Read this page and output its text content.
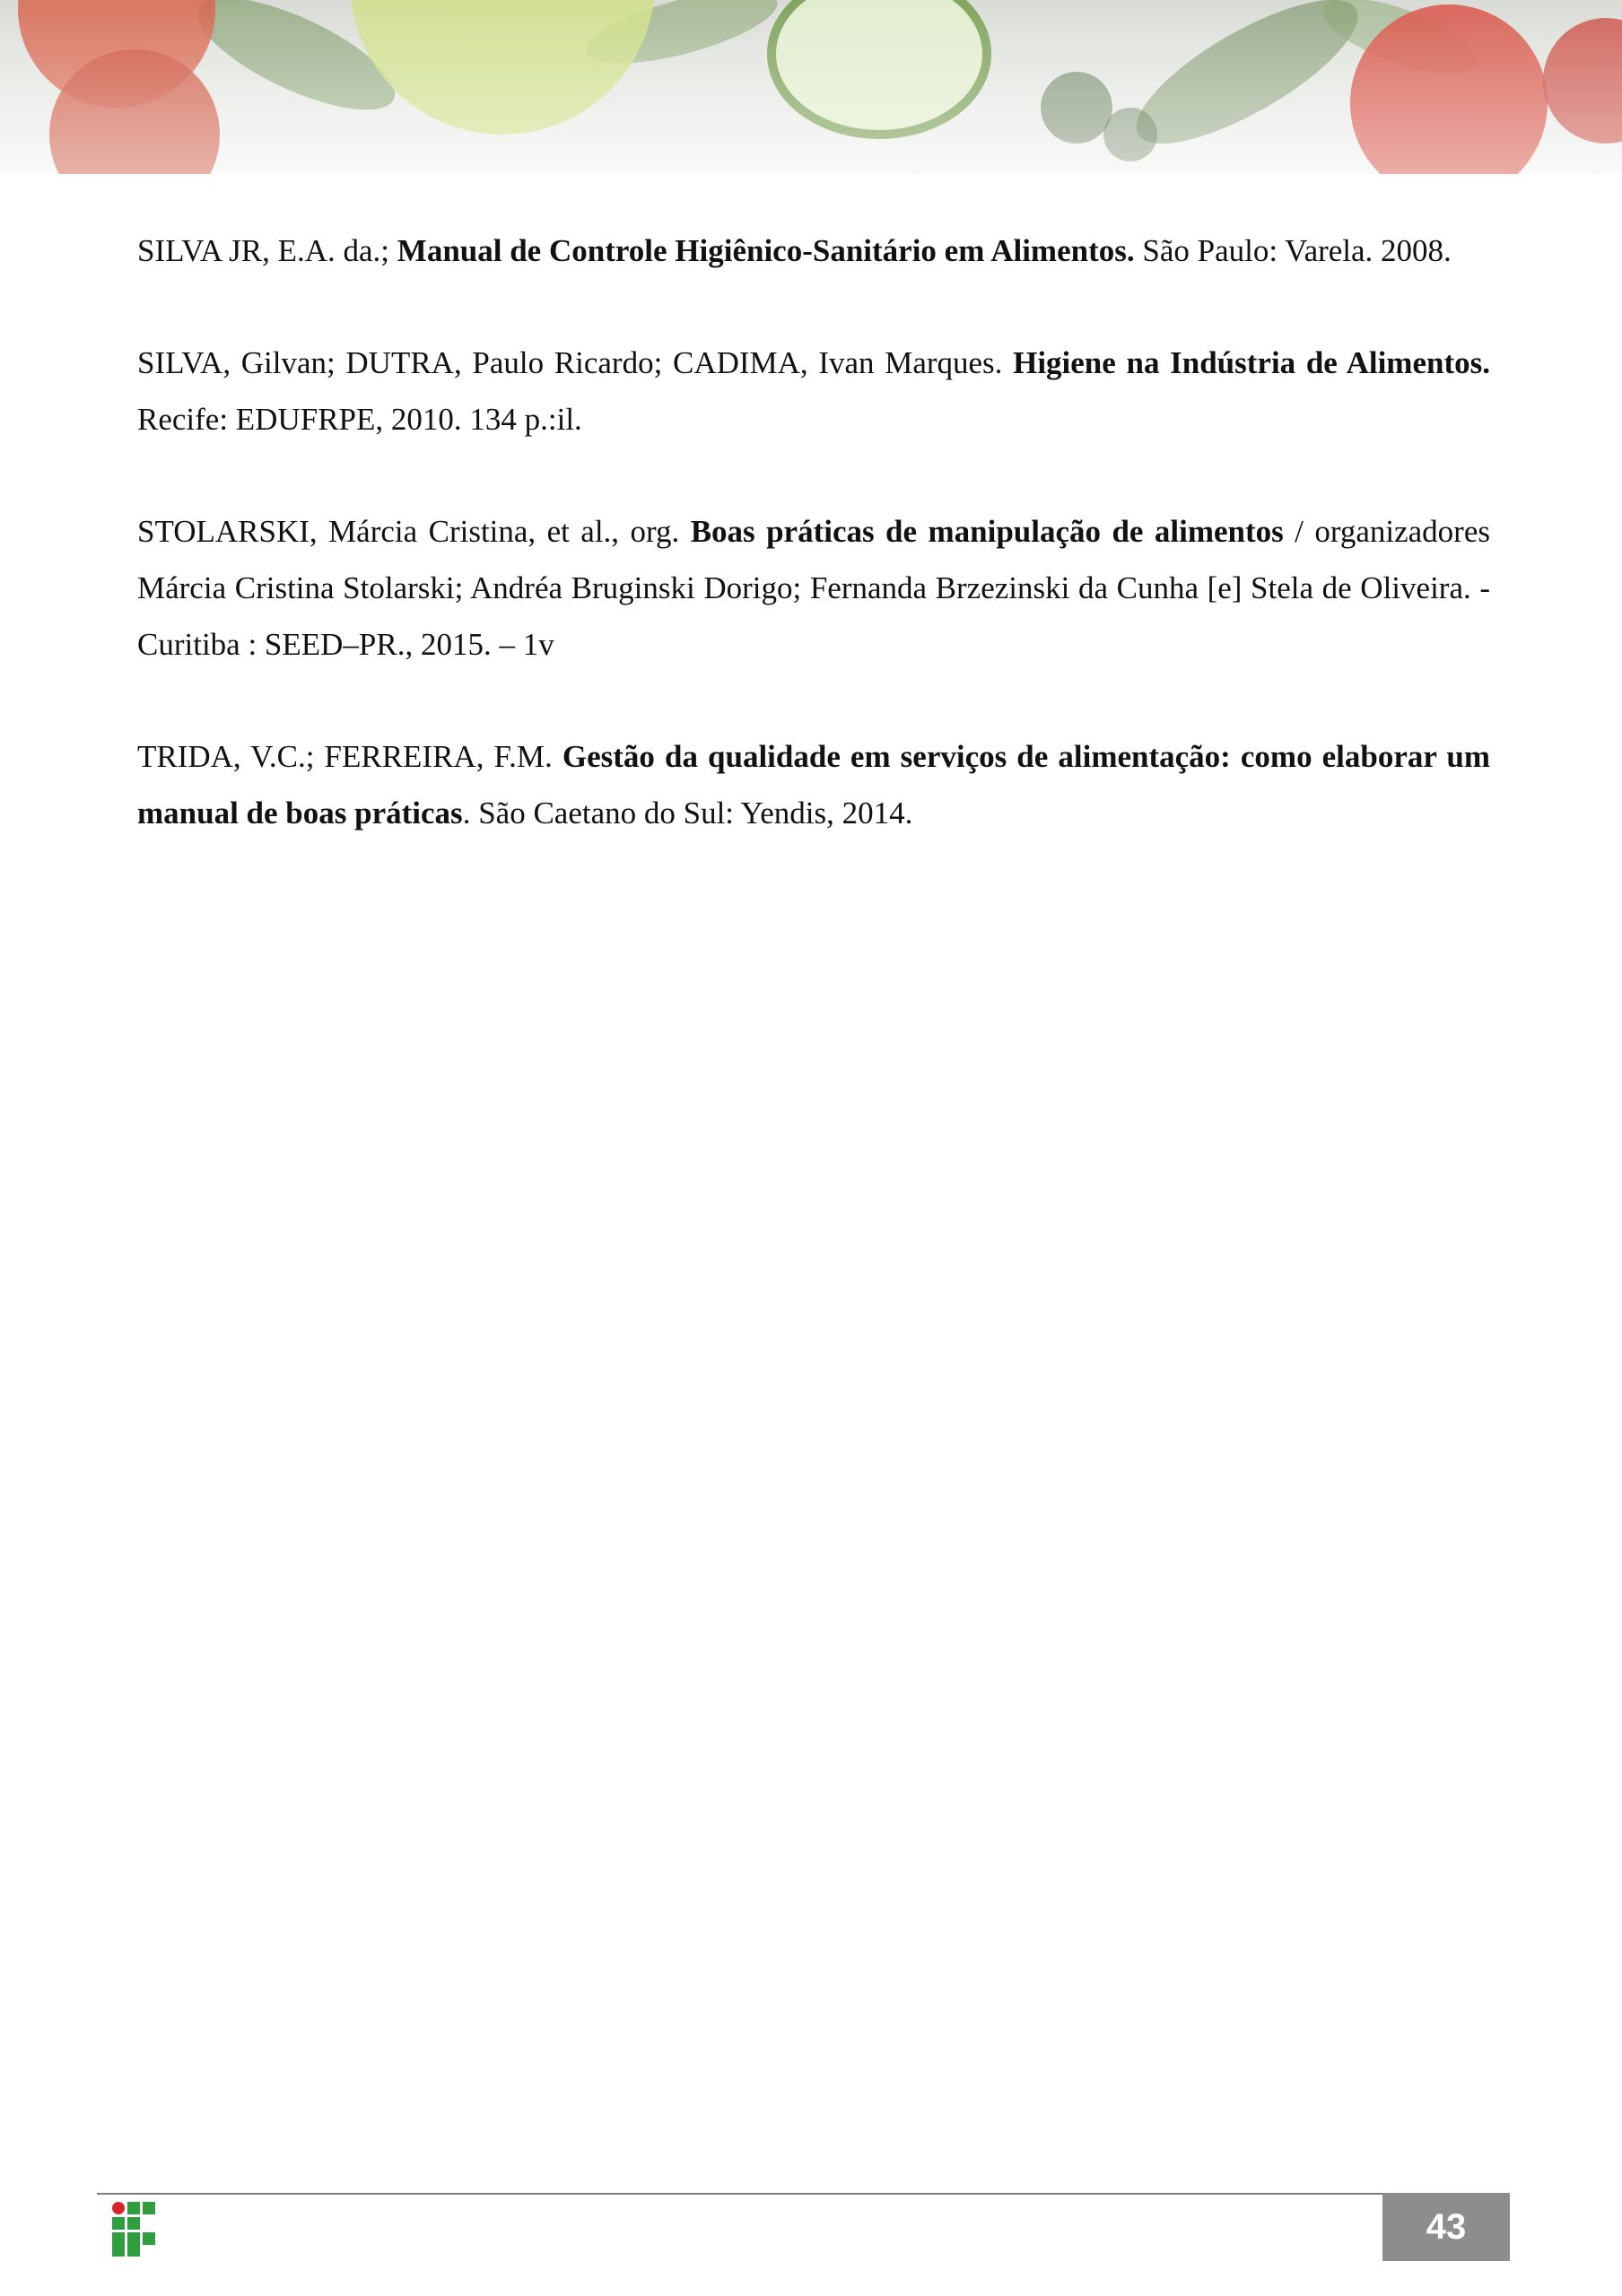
SILVA JR, E.A. da.; Manual de Controle Higiênico-Sanitário em Alimentos. São Paulo: Varela. 2008.

SILVA, Gilvan; DUTRA, Paulo Ricardo; CADIMA, Ivan Marques. Higiene na Indústria de Alimentos. Recife: EDUFRPE, 2010. 134 p.:il.

STOLARSKI, Márcia Cristina, et al., org. Boas práticas de manipulação de alimentos / organizadores Márcia Cristina Stolarski; Andréa Bruginski Dorigo; Fernanda Brzezinski da Cunha [e] Stela de Oliveira. - Curitiba : SEED–PR., 2015. – 1v

TRIDA, V.C.; FERREIRA, F.M. Gestão da qualidade em serviços de alimentação: como elaborar um manual de boas práticas. São Caetano do Sul: Yendis, 2014.

43
